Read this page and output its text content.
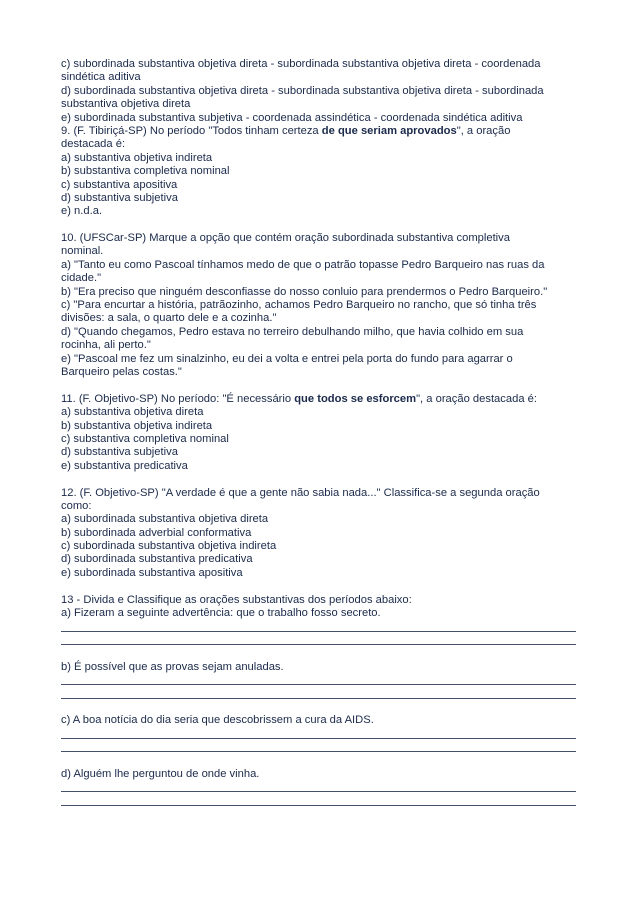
c) subordinada substantiva objetiva direta - subordinada substantiva objetiva direta - coordenada
sindética aditiva
d) subordinada substantiva objetiva direta - subordinada substantiva objetiva direta - subordinada
substantiva objetiva direta
e) subordinada substantiva subjetiva - coordenada assindética - coordenada sindética aditiva
9. (F. Tibiriçá-SP) No período "Todos tinham certeza de que seriam aprovados", a oração
destacada é:
a) substantiva objetiva indireta
b) substantiva completiva nominal
c) substantiva apositiva
d) substantiva subjetiva
e) n.d.a.
10. (UFSCar-SP) Marque a opção que contém oração subordinada substantiva completiva
nominal.
a) "Tanto eu como Pascoal tínhamos medo de que o patrão topasse Pedro Barqueiro nas ruas da
cidade."
b) "Era preciso que ninguém desconfiasse do nosso conluio para prendermos o Pedro Barqueiro."
c) "Para encurtar a história, patrãozinho, achamos Pedro Barqueiro no rancho, que só tinha três
divisões: a sala, o quarto dele e a cozinha."
d) "Quando chegamos, Pedro estava no terreiro debulhando milho, que havia colhido em sua
rocinha, ali perto."
e) "Pascoal me fez um sinalzinho, eu dei a volta e entrei pela porta do fundo para agarrar o
Barqueiro pelas costas."
11. (F. Objetivo-SP) No período: "É necessário que todos se esforcem", a oração destacada é:
a) substantiva objetiva direta
b) substantiva objetiva indireta
c) substantiva completiva nominal
d) substantiva subjetiva
e) substantiva predicativa
12. (F. Objetivo-SP) "A verdade é que a gente não sabia nada..." Classifica-se a segunda oração
como:
a) subordinada substantiva objetiva direta
b) subordinada adverbial conformativa
c) subordinada substantiva objetiva indireta
d) subordinada substantiva predicativa
e) subordinada substantiva apositiva
13 - Divida e Classifique as orações substantivas dos períodos abaixo:
a) Fizeram a seguinte advertência: que o trabalho fosso secreto.
b) É possível que as provas sejam anuladas.
c) A boa notícia do dia seria que descobrissem a cura da AIDS.
d) Alguém lhe perguntou de onde vinha.
